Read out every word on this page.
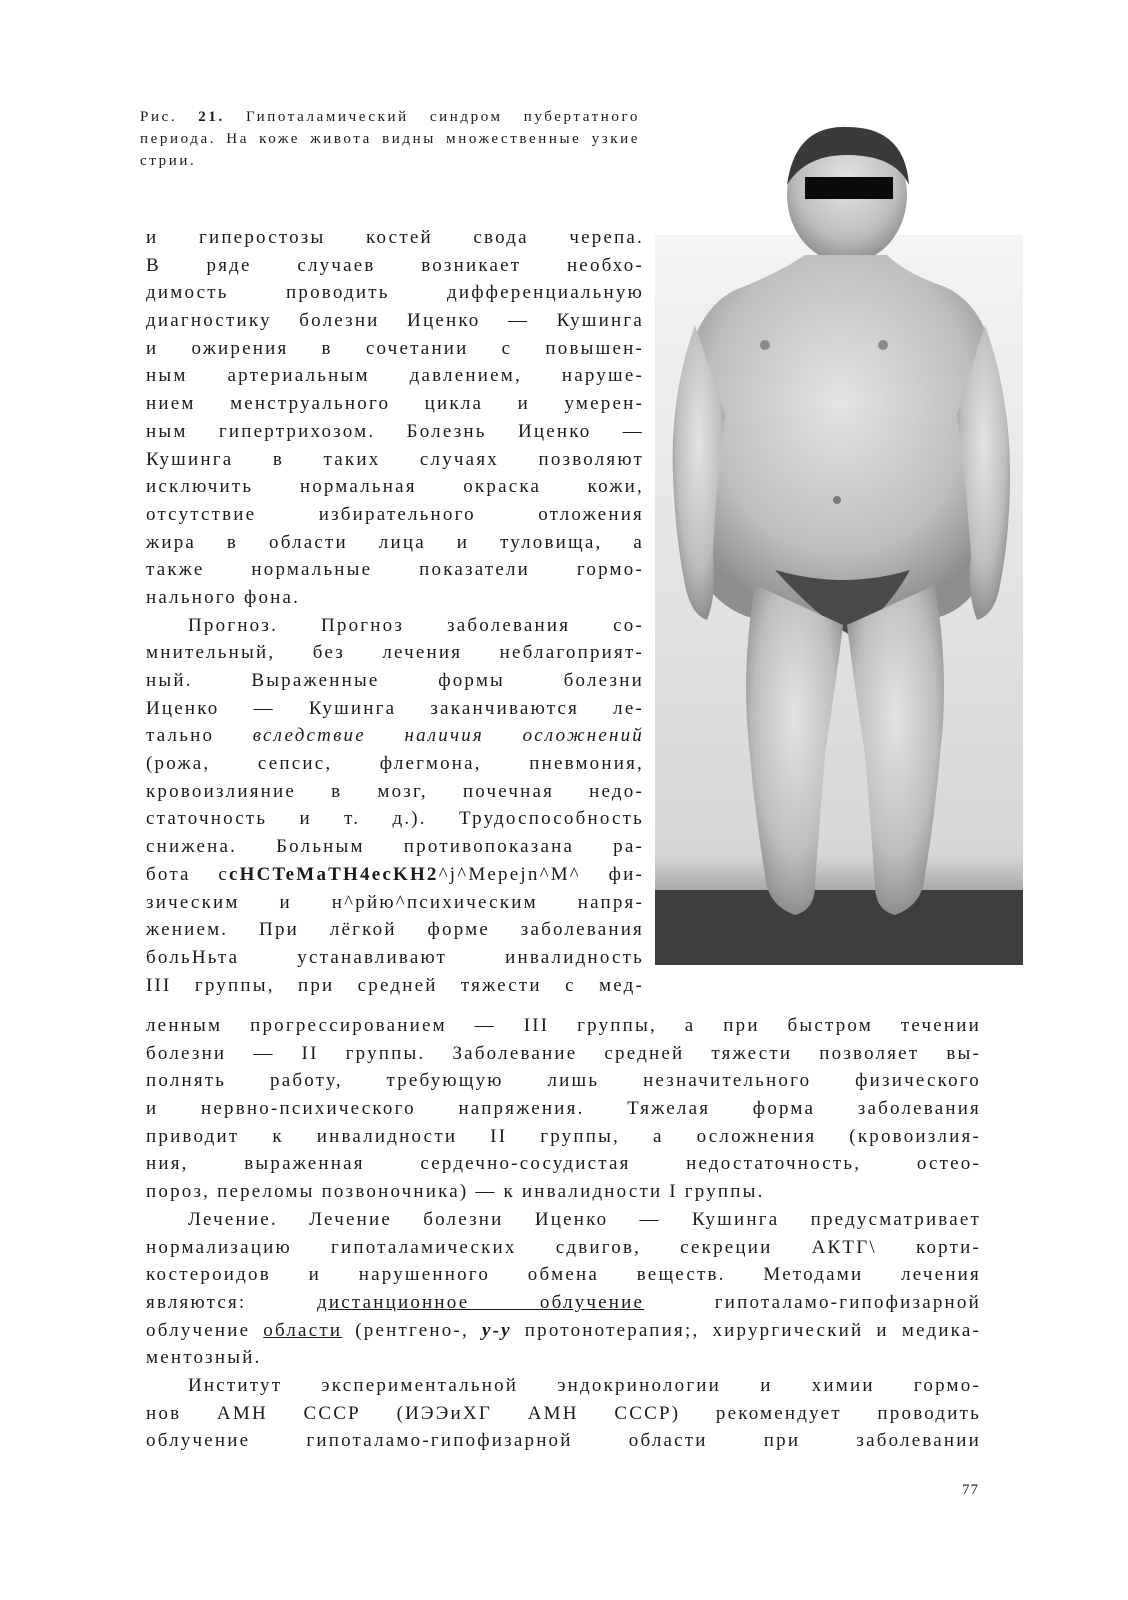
Рис. 21. Гипоталамический синдром пубертатного периода. На коже живота видны множественные узкие стрии.
и гиперостозы костей свода черепа.
В ряде случаев возникает необхо-
димость проводить дифференциальную
диагностику болезни Иценко — Кушинга
и ожирения в сочетании с повышен-
ным артериальным давлением, наруше-
нием менструального цикла и умерен-
ным гипертрихозом. Болезнь Иценко —
Кушинга в таких случаях позволяют
исключить нормальная окраска кожи,
отсутствие избирательного отложения
жира в области лица и туловища, а
также нормальные показатели гормо-
нального фона.
Прогноз. Прогноз заболевания со-
мнительный, без лечения неблагоприят-
ный. Выраженные формы болезни
Иценко — Кушинга заканчиваются ле-
тально вследствие наличия осложнений
(рожа, сепсис, флегмона, пневмония,
кровоизлияние в мозг, почечная недо-
статочность и т. д.). Трудоспособность
снижена. Больным противопоказана ра-
бота сcHCTeMaTH4ecKH2^j^Mepejn^M^ фи-
зическим и н^рйю^психическим напря-
жением. При лёгкой форме заболевания
больНьта устанавливают инвалидность
III группы, при средней тяжести с мед-
ленным прогрессированием — III группы, а при быстром течении
болезни — II группы. Заболевание средней тяжести позволяет вы-
полнять работу, требующую лишь незначительного физического
и нервно-психического напряжения. Тяжелая форма заболевания
приводит к инвалидности II группы, а осложнения (кровоизлия-
ния, выраженная сердечно-сосудистая недостаточность, остео-
пороз, переломы позвоночника) — к инвалидности I группы.
Лечение. Лечение болезни Иценко — Кушинга предусматривает
нормализацию гипоталамических сдвигов, секреции АКТГ\ корти-
костероидов и нарушенного обмена веществ. Методами лечения
являются:	дистанционное облучение	гипоталамо-гипофизарной
облучение области (рентгено-, у-у протонотерапия;, хирургический и медика-
ментозный.
Институт экспериментальной эндокринологии и химии гормо-
нов АМН СССР (ИЭЭиХГ АМН СССР) рекомендует проводить
облучение гипоталамо-гипофизарной области при заболевании
77
